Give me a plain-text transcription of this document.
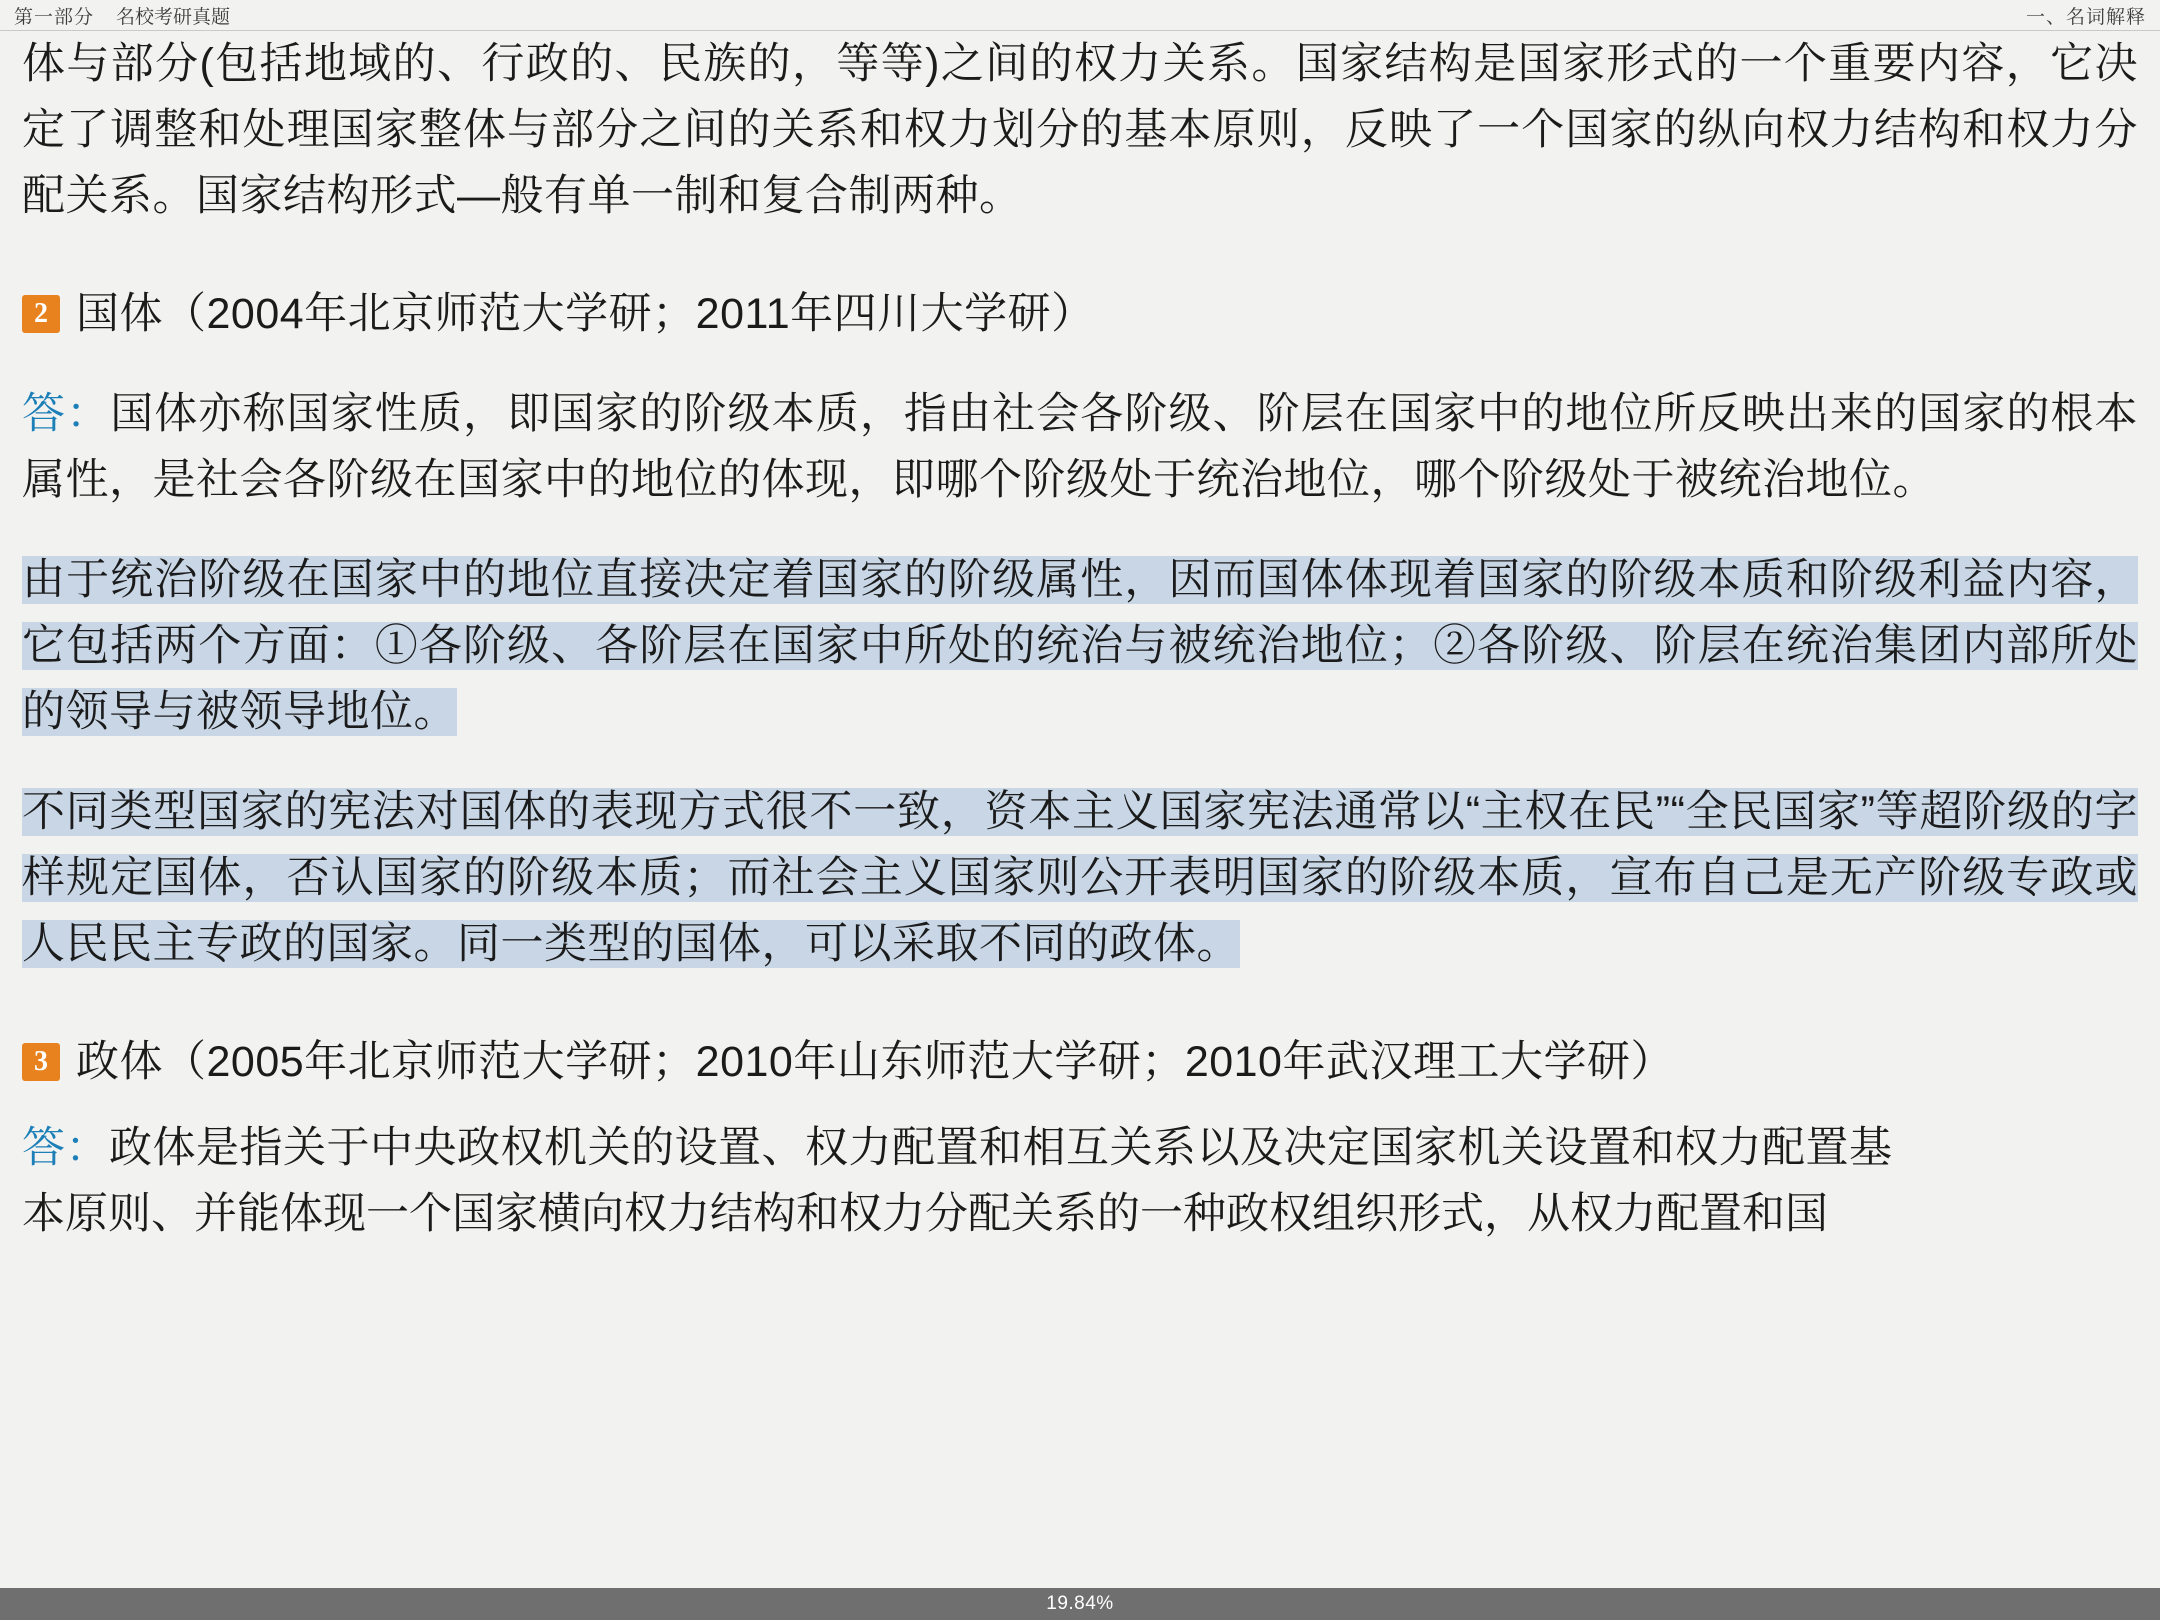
第一部分 名校考研真题	一、名词解释

体与部分(包括地域的、行政的、民族的，等等)之间的权力关系。国家结构是国家形式的一个重要内容，它决定了调整和处理国家整体与部分之间的关系和权力划分的基本原则，反映了一个国家的纵向权力结构和权力分配关系。国家结构形式—般有单一制和复合制两种。

2 国体（2004年北京师范大学研；2011年四川大学研）

答：国体亦称国家性质，即国家的阶级本质，指由社会各阶级、阶层在国家中的地位所反映出来的国家的根本属性，是社会各阶级在国家中的地位的体现，即哪个阶级处于统治地位，哪个阶级处于被统治地位。

由于统治阶级在国家中的地位直接决定着国家的阶级属性，因而国体体现着国家的阶级本质和阶级利益内容，它包括两个方面：①各阶级、各阶层在国家中所处的统治与被统治地位；②各阶级、阶层在统治集团内部所处的领导与被领导地位。

不同类型国家的宪法对国体的表现方式很不一致，资本主义国家宪法通常以“主权在民”“全民国家”等超阶级的字样规定国体，否认国家的阶级本质；而社会主义国家则公开表明国家的阶级本质，宣布自己是无产阶级专政或人民民主专政的国家。同一类型的国体，可以采取不同的政体。

3 政体（2005年北京师范大学研；2010年山东师范大学研；2010年武汉理工大学研）

答：政体是指关于中央政权机关的设置、权力配置和相互关系以及决定国家机关设置和权力配置基

本原则、并能体现一个国家横向权力结构和权力分配关系的一种政权组织形式，从权力配置和国
19.84%
